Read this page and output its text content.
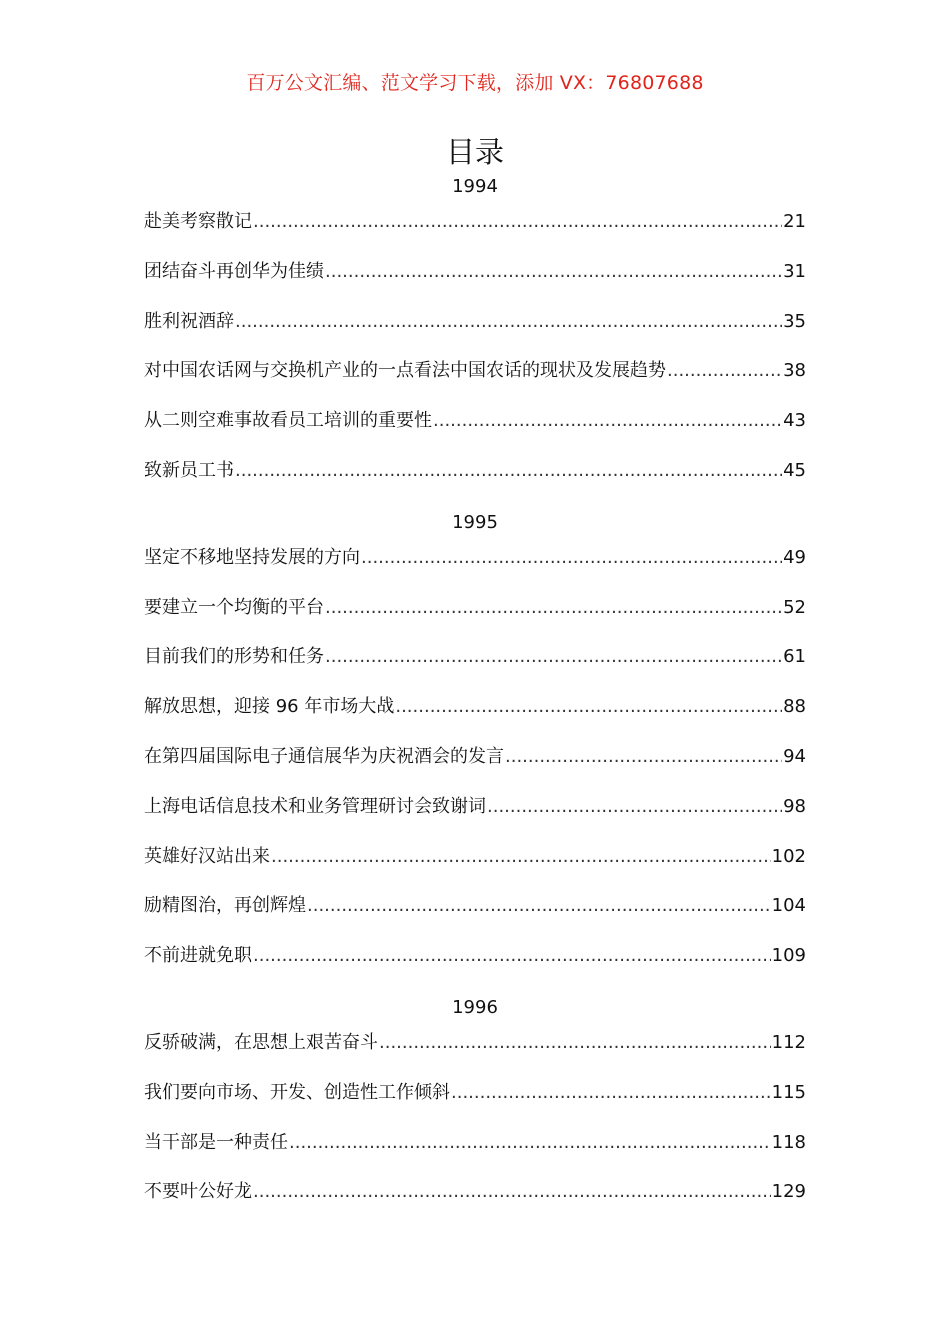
百万公文汇编、范文学习下载，添加 VX：76807688
目录
1994
赴美考察散记 .....	21
团结奋斗再创华为佳绩 .....	31
胜利祝酒辞 .....	35
对中国农话网与交换机产业的一点看法中国农话的现状及发展趋势 .....	38
从二则空难事故看员工培训的重要性 .....	43
致新员工书 .....	45
1995
坚定不移地坚持发展的方向 .....	49
要建立一个均衡的平台 .....	52
目前我们的形势和任务 .....	61
解放思想，迎接 96 年市场大战 .....	88
在第四届国际电子通信展华为庆祝酒会的发言 .....	94
上海电话信息技术和业务管理研讨会致谢词 .....	98
英雄好汉站出来 .....	102
励精图治，再创辉煌 .....	104
不前进就免职 .....	109
1996
反骄破满，在思想上艰苦奋斗 .....	112
我们要向市场、开发、创造性工作倾斜 .....	115
当干部是一种责任 .....	118
不要叶公好龙 .....	129
